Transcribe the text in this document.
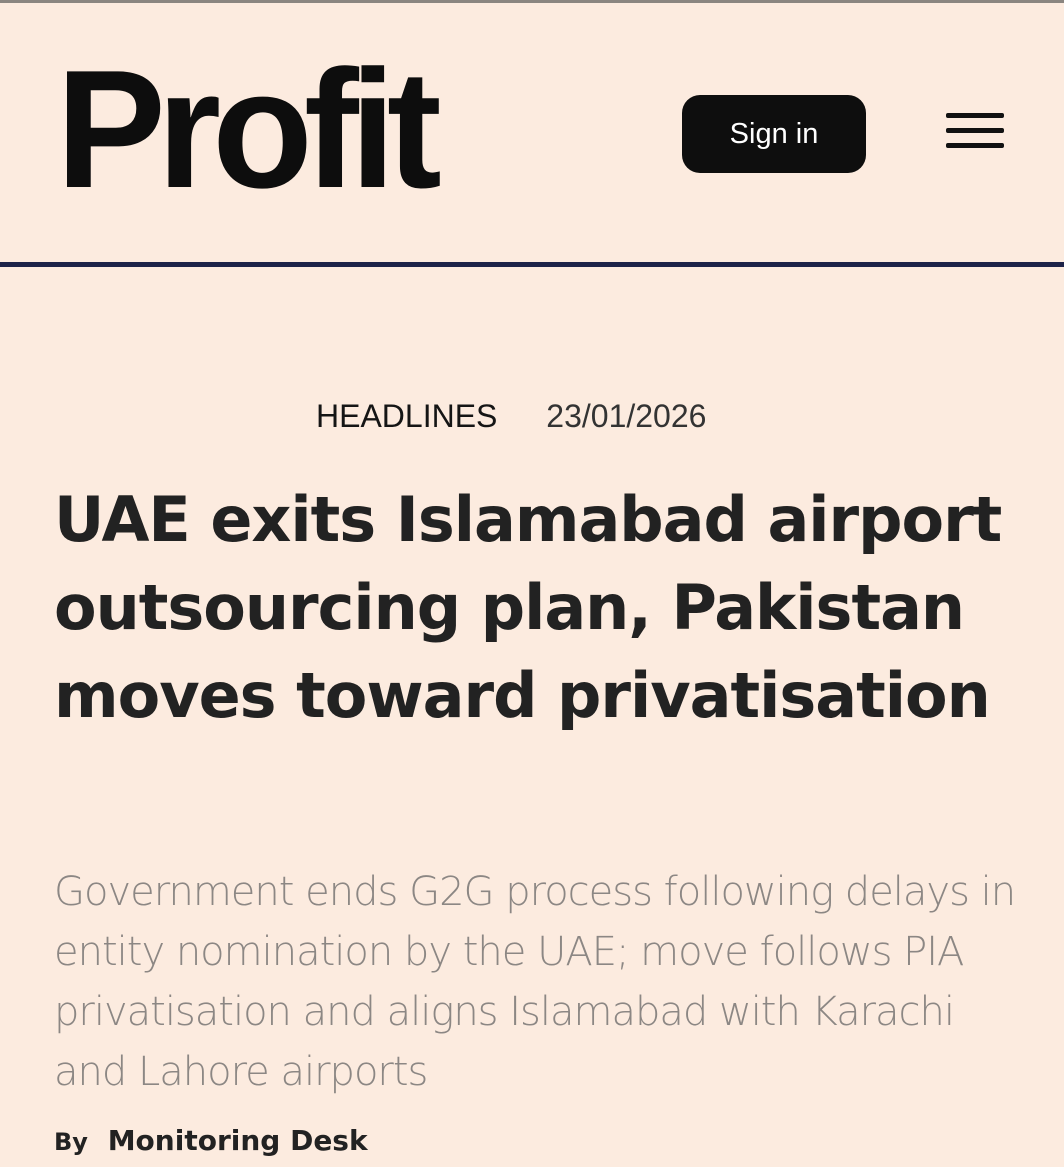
Profit	Sign in
HEADLINES 23/01/2026
UAE exits Islamabad airport outsourcing plan, Pakistan moves toward privatisation

Government ends G2G process following delays in entity nomination by the UAE; move follows PIA privatisation and aligns Islamabad with Karachi and Lahore airports

By Monitoring Desk
